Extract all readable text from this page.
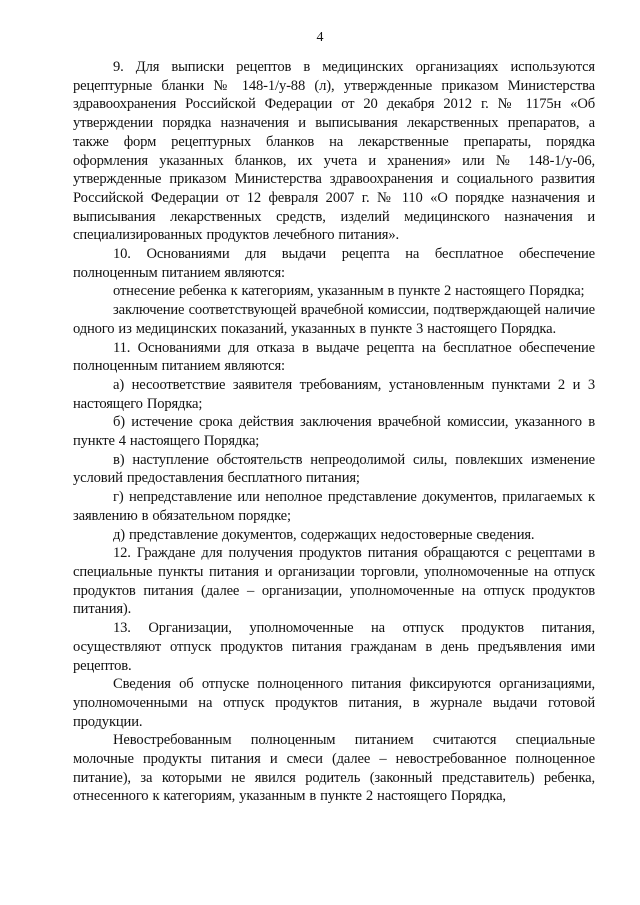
4

9. Для выписки рецептов в медицинских организациях используются рецептурные бланки № 148-1/у-88 (л), утвержденные приказом Министерства здравоохранения Российской Федерации от 20 декабря 2012 г. № 1175н «Об утверждении порядка назначения и выписывания лекарственных препаратов, а также форм рецептурных бланков на лекарственные препараты, порядка оформления указанных бланков, их учета и хранения» или № 148-1/у-06, утвержденные приказом Министерства здравоохранения и социального развития Российской Федерации от 12 февраля 2007 г. № 110 «О порядке назначения и выписывания лекарственных средств, изделий медицинского назначения и специализированных продуктов лечебного питания».

10. Основаниями для выдачи рецепта на бесплатное обеспечение полноценным питанием являются:

отнесение ребенка к категориям, указанным в пункте 2 настоящего Порядка;

заключение соответствующей врачебной комиссии, подтверждающей наличие одного из медицинских показаний, указанных в пункте 3 настоящего Порядка.

11. Основаниями для отказа в выдаче рецепта на бесплатное обеспечение полноценным питанием являются:

а) несоответствие заявителя требованиям, установленным пунктами 2 и 3 настоящего Порядка;

б) истечение срока действия заключения врачебной комиссии, указанного в пункте 4 настоящего Порядка;

в) наступление обстоятельств непреодолимой силы, повлекших изменение условий предоставления бесплатного питания;

г) непредставление или неполное представление документов, прилагаемых к заявлению в обязательном порядке;

д) представление документов, содержащих недостоверные сведения.

12. Граждане для получения продуктов питания обращаются с рецептами в специальные пункты питания и организации торговли, уполномоченные на отпуск продуктов питания (далее – организации, уполномоченные на отпуск продуктов питания).

13. Организации, уполномоченные на отпуск продуктов питания, осуществляют отпуск продуктов питания гражданам в день предъявления ими рецептов.

Сведения об отпуске полноценного питания фиксируются организациями, уполномоченными на отпуск продуктов питания, в журнале выдачи готовой продукции.

Невостребованным полноценным питанием считаются специальные молочные продукты питания и смеси (далее – невостребованное полноценное питание), за которыми не явился родитель (законный представитель) ребенка, отнесенного к категориям, указанным в пункте 2 настоящего Порядка,
